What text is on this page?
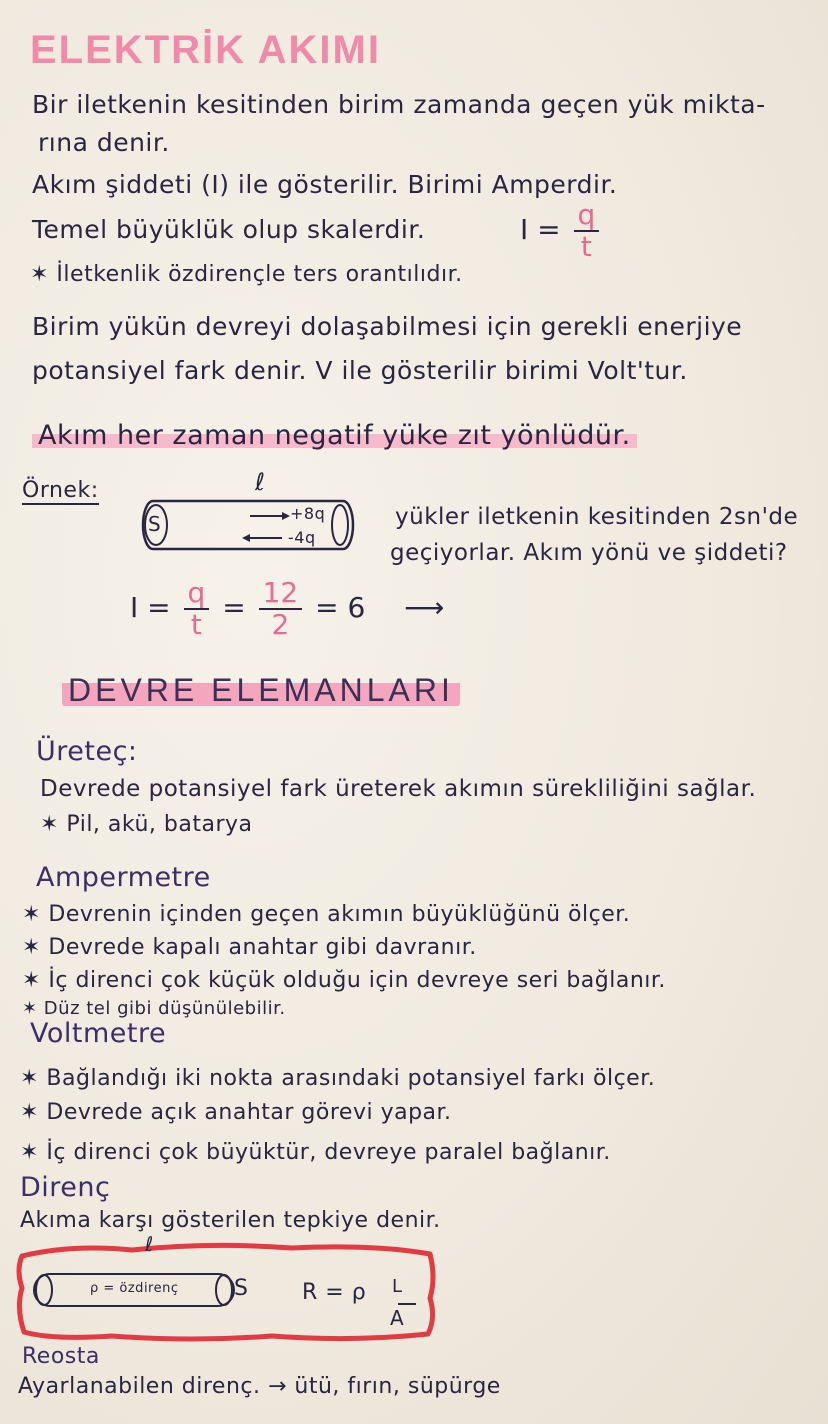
ELEKTRİK AKIMI
Bir iletkenin kesitinden birim zamanda geçen yük mikta-
rına denir.
Akım şiddeti (I) ile gösterilir. Birimi Amperdir.
Temel büyüklük olup skalerdir.	$I = \frac{q}{t}$
✶ İletkenlik özdirençle ters orantılıdır.
Birim yükün devreyi dolaşabilmesi için gerekli enerjiye
potansiyel fark denir. V ile gösterilir birimi Volt'tur.
Akım her zaman negatif yüke zıt yönlüdür.
Örnek:	ℓ
S	+8q
-4q
yükler iletkenin kesitinden 2sn'de
geçiyorlar. Akım yönü ve şiddeti?
$I = \frac{q}{t} = \frac{12}{2} = 6$ ⟶
DEVRE ELEMANLARI
Üreteç:
Devrede potansiyel fark üreterek akımın sürekliliğini sağlar.
✶ Pil, akü, batarya
Ampermetre
✶ Devrenin içinden geçen akımın büyüklüğünü ölçer.
✶ Devrede kapalı anahtar gibi davranır.
✶ İç direnci çok küçük olduğu için devreye seri bağlanır.
✶ Düz tel gibi düşünülebilir.
Voltmetre
✶ Bağlandığı iki nokta arasındaki potansiyel farkı ölçer.
✶ Devrede açık anahtar görevi yapar.
✶ İç direnci çok büyüktür, devreye paralel bağlanır.
Direnç
Akıma karşı gösterilen tepkiye denir.
ℓ
ρ = özdirenç	S R = ρ L
A
Reosta
Ayarlanabilen direnç. → ütü, fırın, süpürge
